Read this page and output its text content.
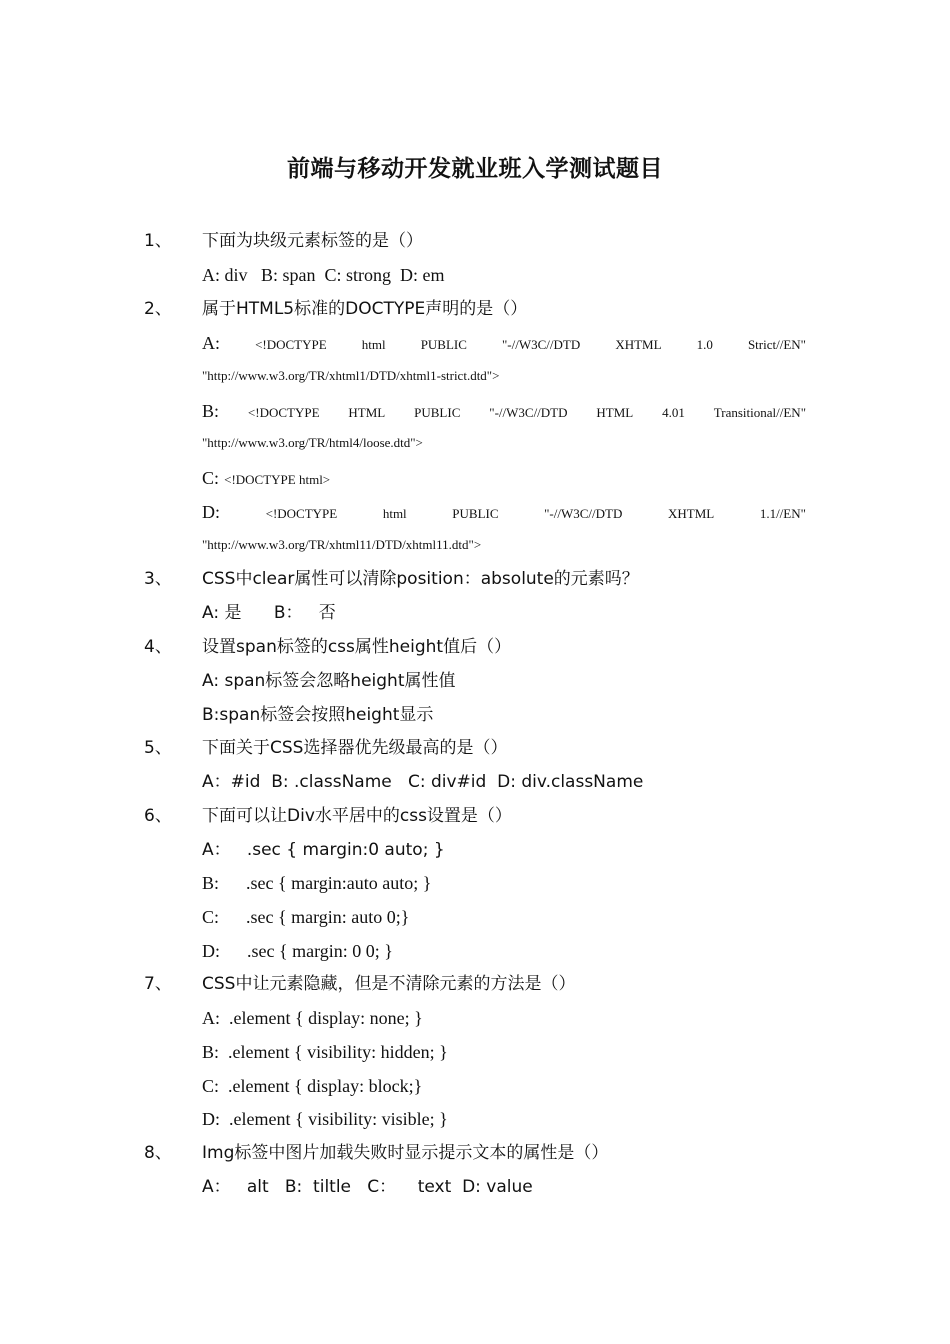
前端与移动开发就业班入学测试题目
1、 下面为块级元素标签的是（）
A: div   B: span  C: strong  D: em
2、 属于HTML5标准的DOCTYPE声明的是（）
A:	<!DOCTYPE	html	PUBLIC	"-//W3C//DTD	XHTML	1.0	Strict//EN"
"http://www.w3.org/TR/xhtml1/DTD/xhtml1-strict.dtd">
B: <!DOCTYPE HTML PUBLIC "-//W3C//DTD HTML 4.01 Transitional//EN"
"http://www.w3.org/TR/html4/loose.dtd">
C: <!DOCTYPE html>
D:	<!DOCTYPE	html	PUBLIC	"-//W3C//DTD	XHTML	1.1//EN"
"http://www.w3.org/TR/xhtml11/DTD/xhtml11.dtd">
3、 CSS中clear属性可以清除position：absolute的元素吗？
A: 是      B：   否
4、 设置span标签的css属性height值后（）
A: span标签会忽略height属性值
B:span标签会按照height显示
5、 下面关于CSS选择器优先级最高的是（）
A：#id  B: .className   C: div#id  D: div.className
6、 下面可以让Div水平居中的css设置是（）
A：   .sec { margin:0 auto; }
B:      .sec { margin:auto auto; }
C:      .sec { margin: auto 0;}
D:      .sec { margin: 0 0; }
7、 CSS中让元素隐藏，但是不清除元素的方法是（）
A:  .element { display: none; }
B:  .element { visibility: hidden; }
C:  .element { display: block;}
D:  .element { visibility: visible; }
8、 Img标签中图片加载失败时显示提示文本的属性是（）
A：   alt   B:  tiltle   C：    text  D: value
